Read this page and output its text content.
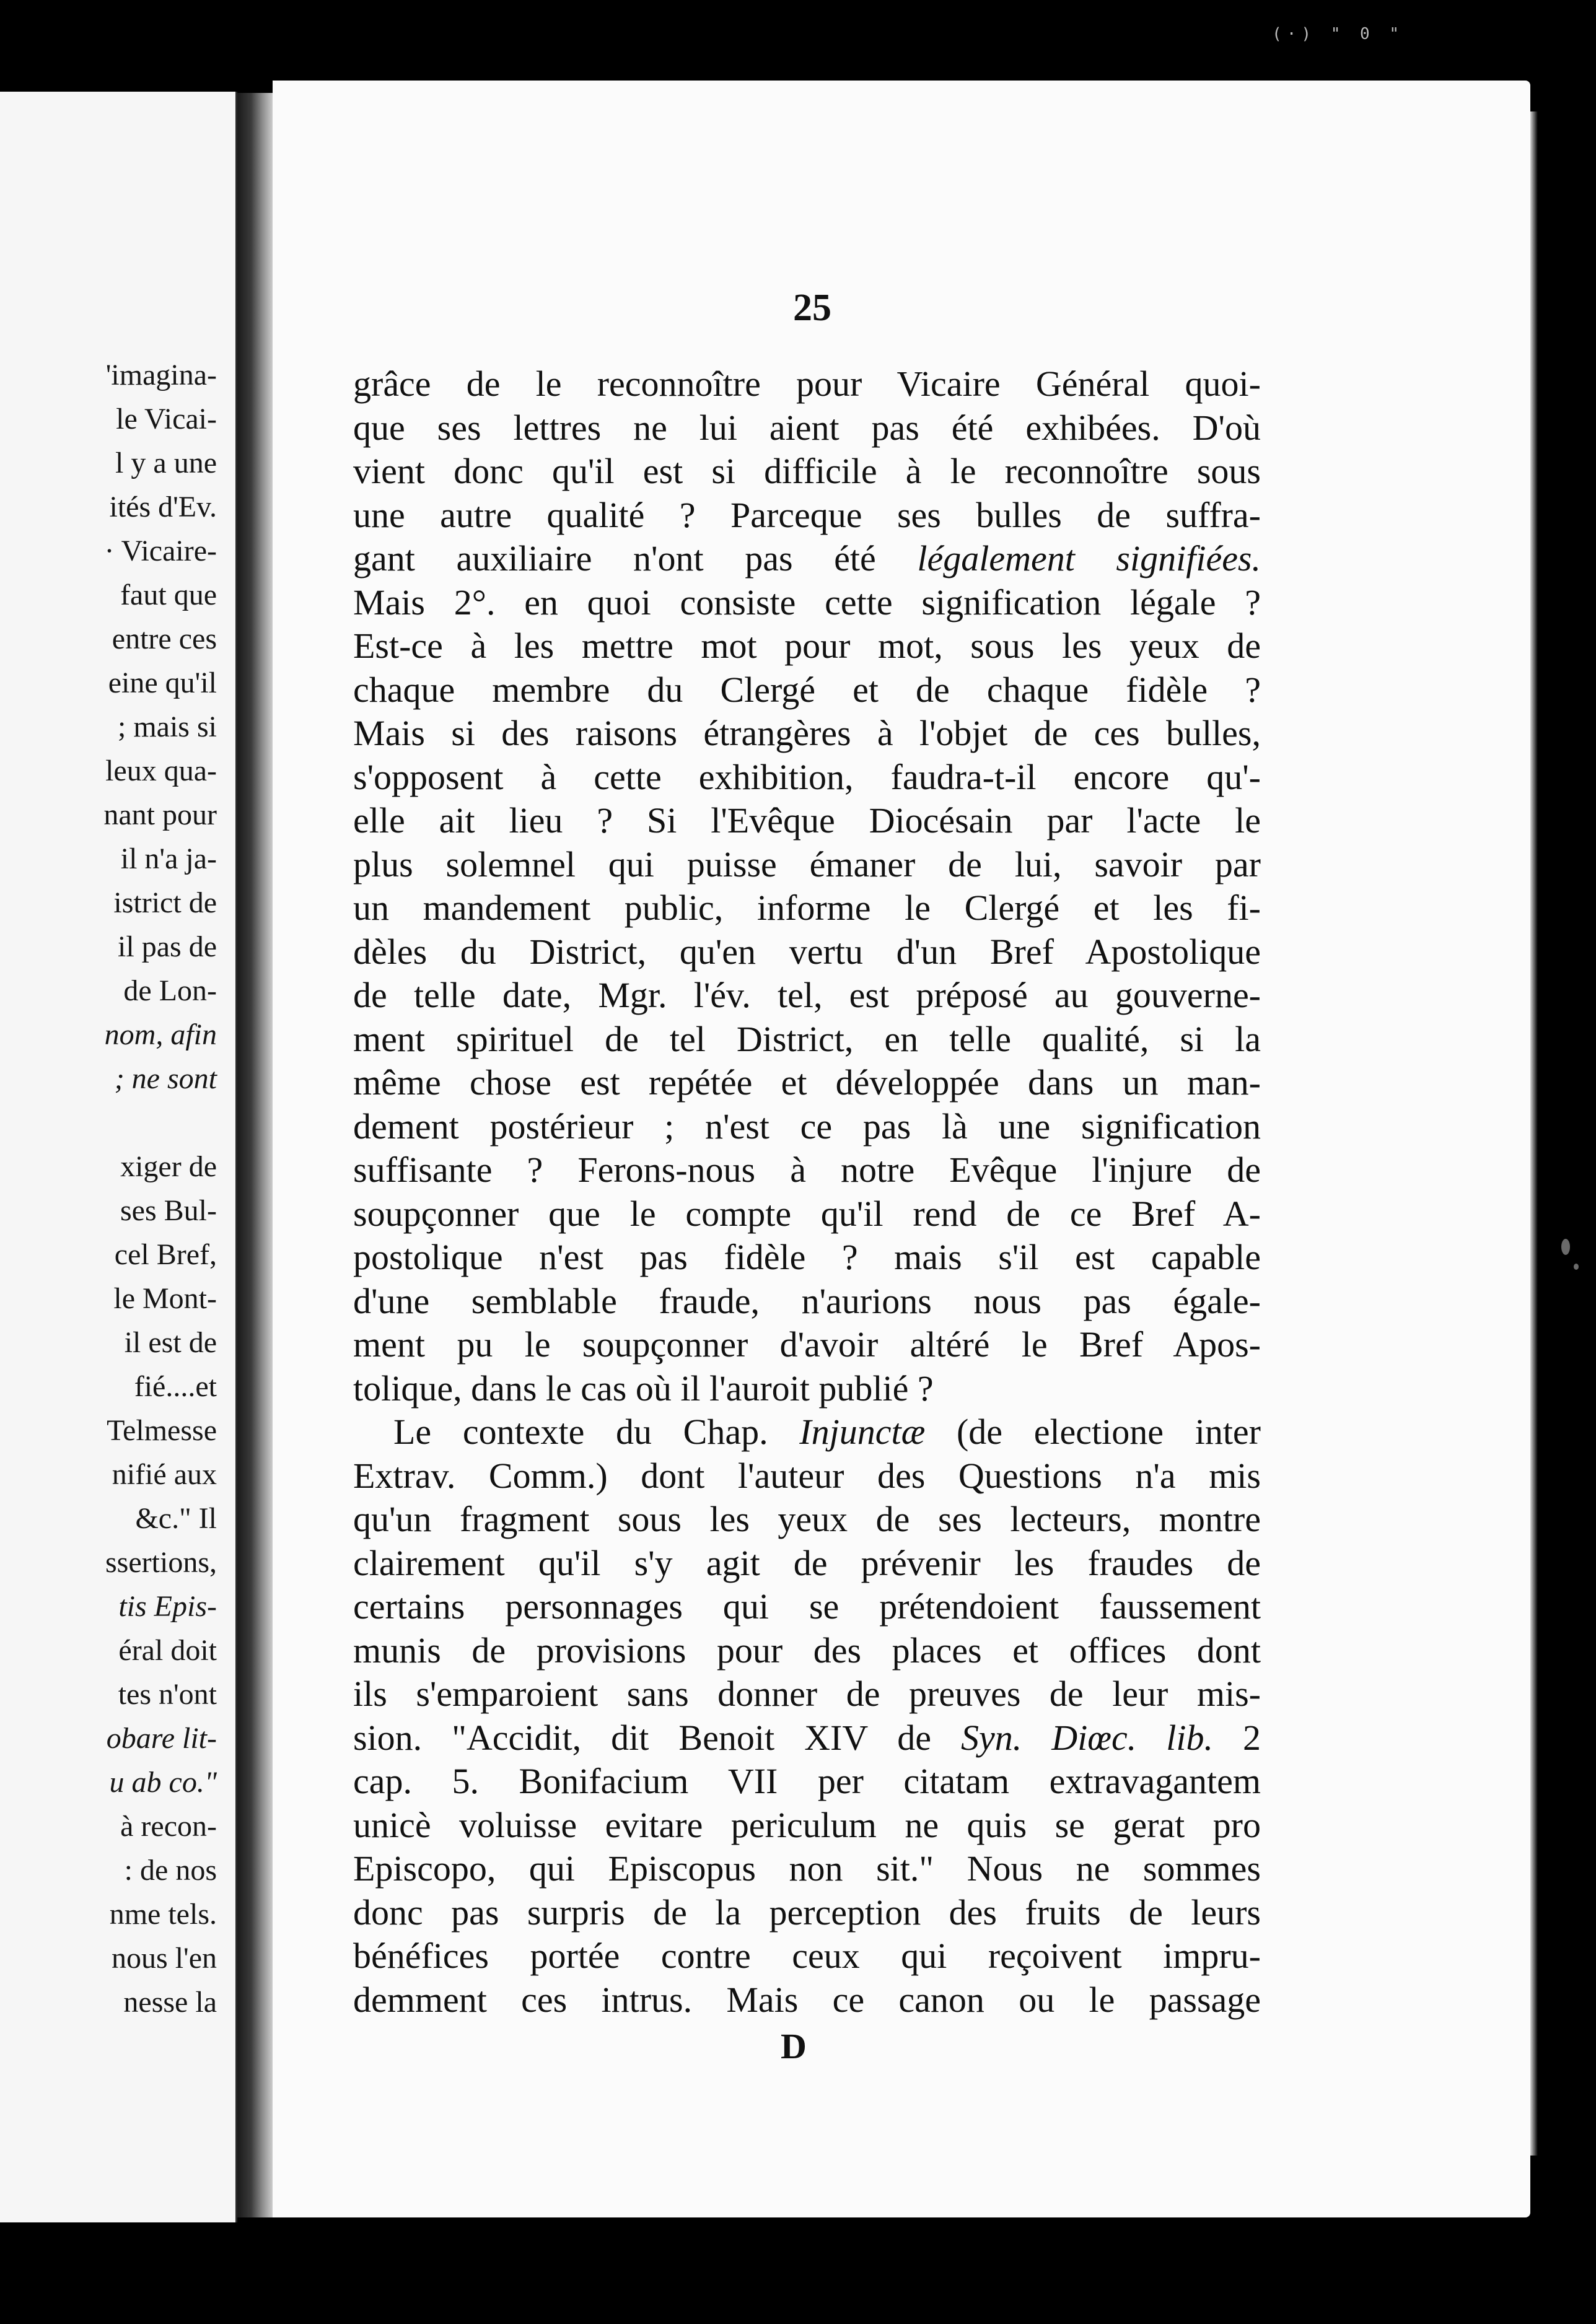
'imagina-
le Vicai-
l y a une
ités d'Ev.
· Vicaire-
faut que
entre ces
eine qu'il
; mais si
leux qua-
nant pour
il n'a ja-
istrict de
il pas de
de Lon-
nom, afin
; ne sont
xiger de
ses Bul-
cel Bref,
le Mont-
il est de
fié....et
Telmesse
nifié aux
&c." Il
ssertions,
tis Epis-
éral doit
tes n'ont
obare lit-
u ab co."
à recon-
: de nos
nme tels.
nous l'en
nesse la
(·) " 0 "
25
grâce de le reconnoître pour Vicaire Général quoi-
que ses lettres ne lui aient pas été exhibées. D'où
vient donc qu'il est si difficile à le reconnoître sous
une autre qualité ? Parceque ses bulles de suffra-
gant auxiliaire n'ont pas été légalement signifiées.
Mais 2°. en quoi consiste cette signification légale ?
Est-ce à les mettre mot pour mot, sous les yeux de
chaque membre du Clergé et de chaque fidèle ?
Mais si des raisons étrangères à l'objet de ces bulles,
s'opposent à cette exhibition, faudra-t-il encore qu'-
elle ait lieu ? Si l'Evêque Diocésain par l'acte le
plus solemnel qui puisse émaner de lui, savoir par
un mandement public, informe le Clergé et les fi-
dèles du District, qu'en vertu d'un Bref Apostolique
de telle date, Mgr. l'év. tel, est préposé au gouverne-
ment spirituel de tel District, en telle qualité, si la
même chose est repétée et développée dans un man-
dement postérieur ; n'est ce pas là une signification
suffisante ? Ferons-nous à notre Evêque l'injure de
soupçonner que le compte qu'il rend de ce Bref A-
postolique n'est pas fidèle ? mais s'il est capable
d'une semblable fraude, n'aurions nous pas égale-
ment pu le soupçonner d'avoir altéré le Bref Apos-
tolique, dans le cas où il l'auroit publié ?
Le contexte du Chap. Injunctæ (de electione inter
Extrav. Comm.) dont l'auteur des Questions n'a mis
qu'un fragment sous les yeux de ses lecteurs, montre
clairement qu'il s'y agit de prévenir les fraudes de
certains personnages qui se prétendoient faussement
munis de provisions pour des places et offices dont
ils s'emparoient sans donner de preuves de leur mis-
sion. "Accidit, dit Benoit XIV de Syn. Diœc. lib. 2
cap. 5. Bonifacium VII per citatam extravagantem
unicè voluisse evitare periculum ne quis se gerat pro
Episcopo, qui Episcopus non sit." Nous ne sommes
donc pas surpris de la perception des fruits de leurs
bénéfices portée contre ceux qui reçoivent impru-
demment ces intrus. Mais ce canon ou le passage
D
